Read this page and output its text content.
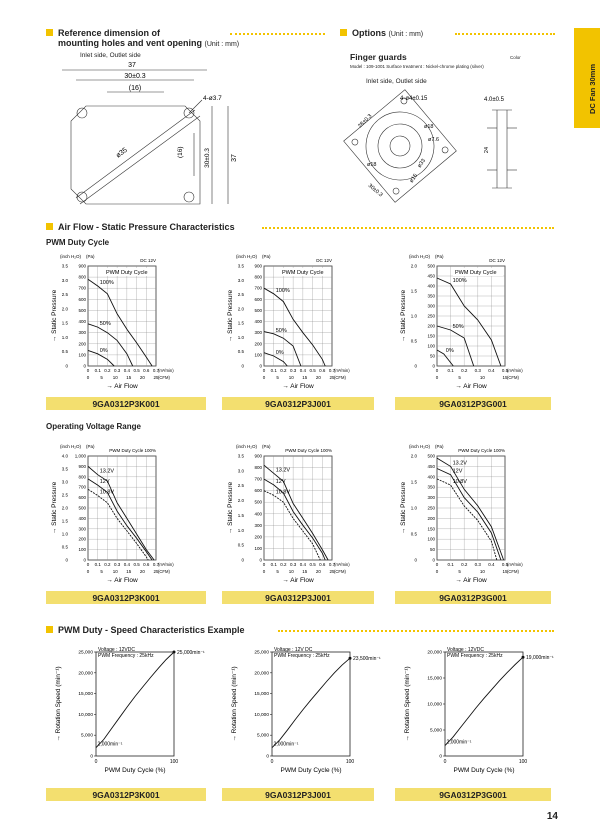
DC Fan 30mm
Reference dimension of
mounting holes and vent opening (Unit : mm)
Inlet side, Outlet side
37
30±0.3
(16)
4-ø3.7
ø35	(16)	30±0.3	37
Options (Unit : mm)
Finger guards	Color
Model : 109-1001 Surface treatment : Nickel-chrome plating (silver)
Inlet side, Outlet side
4-ø4±0.15	4.0±0.5
28±0.3	ø18
ø7.6
ø18
30±0.3
ø33
ø15
24
Air Flow - Static Pressure Characteristics
PWM Duty Cycle
(inch H₂O) (Pa)
DC 12V
0
100
200
300
400
500
600
700
800
900
0
0.5
1.0
1.5
2.0
2.5
3.0
3.5
0 0.1 0.2 0.3 0.4 0.5 0.6 0.7
(m³/min)
0 5 10 15 20 25 (CFM)
→ Air Flow
→ Static Pressure
PWM Duty Cycle
100%
50%
0%
(inch H₂O) (Pa)
DC 12V
0
100
200
300
400
500
600
700
800
900
0
0.5
1.0
1.5
2.0
2.5
3.0
3.5
0 0.1 0.2 0.3 0.4 0.5 0.6 0.7
(m³/min)
0 5 10 15 20 25 (CFM)
→ Air Flow
→ Static Pressure
PWM Duty Cycle
100%
50%
0%
(inch H₂O) (Pa)
DC 12V
0
50
100
150
200
250
300
350
400
450
500
0
0.5
1.0
1.5
2.0
0 0.1 0.2 0.3 0.4 0.5
(m³/min)
0	5	10	15 (CFM)
→ Air Flow
→ Static Pressure
PWM Duty Cycle
100%
50%
0%
9GA0312P3K001	9GA0312P3J001	9GA0312P3G001
Operating Voltage Range
(inch H₂O) (Pa)
PWM Duty Cycle 100%
0
100
200
300
400
500
600
700
800
900
1,000
0
0.5
1.0
1.5
2.0
2.5
3.0
3.5
4.0
0 0.1 0.2 0.3 0.4 0.5 0.6 0.7
(m³/min)
0 5 10 15 20 25 (CFM)
→ Air Flow
→ Static Pressure
13.2V
12V
10.8V
(inch H₂O) (Pa)
PWM Duty Cycle 100%
0
100
200
300
400
500
600
700
800
900
0
0.5
1.0
1.5
2.0
2.5
3.0
3.5
0 0.1 0.2 0.3 0.4 0.5 0.6 0.7
(m³/min)
0 5 10 15 20 25 (CFM)
→ Air Flow
→ Static Pressure
13.2V
12V
10.8V
(inch H₂O) (Pa)
PWM Duty Cycle 100%
0
50
100
150
200
250
300
350
400
450
500
0
0.5
1.0
1.5
2.0
0 0.1 0.2 0.3 0.4 0.5
(m³/min)
0	5	10	15 (CFM)
→ Air Flow
→ Static Pressure
13.2V
12V
10.8V
9GA0312P3K001	9GA0312P3J001	9GA0312P3G001
PWM Duty - Speed Characteristics Example
0
5,000
10,000
15,000
20,000
25,000
0	100
25,000min⁻¹
2,000min⁻¹
Voltage : 12VDC
PWM Frequency : 25kHz
PWM Duty Cycle (%)
→ Rotation Speed (min⁻¹)
0
5,000
10,000
15,000
20,000
25,000
0	100
23,500min⁻¹
2,000min⁻¹
Voltage : 12V DC
PWM Frequency : 25kHz
PWM Duty Cycle (%)
→ Rotation Speed (min⁻¹)
0
5,000
10,000
15,000
20,000
0	100
19,000min⁻¹
2,000min⁻¹
Voltage : 12VDC
PWM Frequency : 25kHz
PWM Duty Cycle (%)
→ Rotation Speed (min⁻¹)
9GA0312P3K001	9GA0312P3J001	9GA0312P3G001
14
